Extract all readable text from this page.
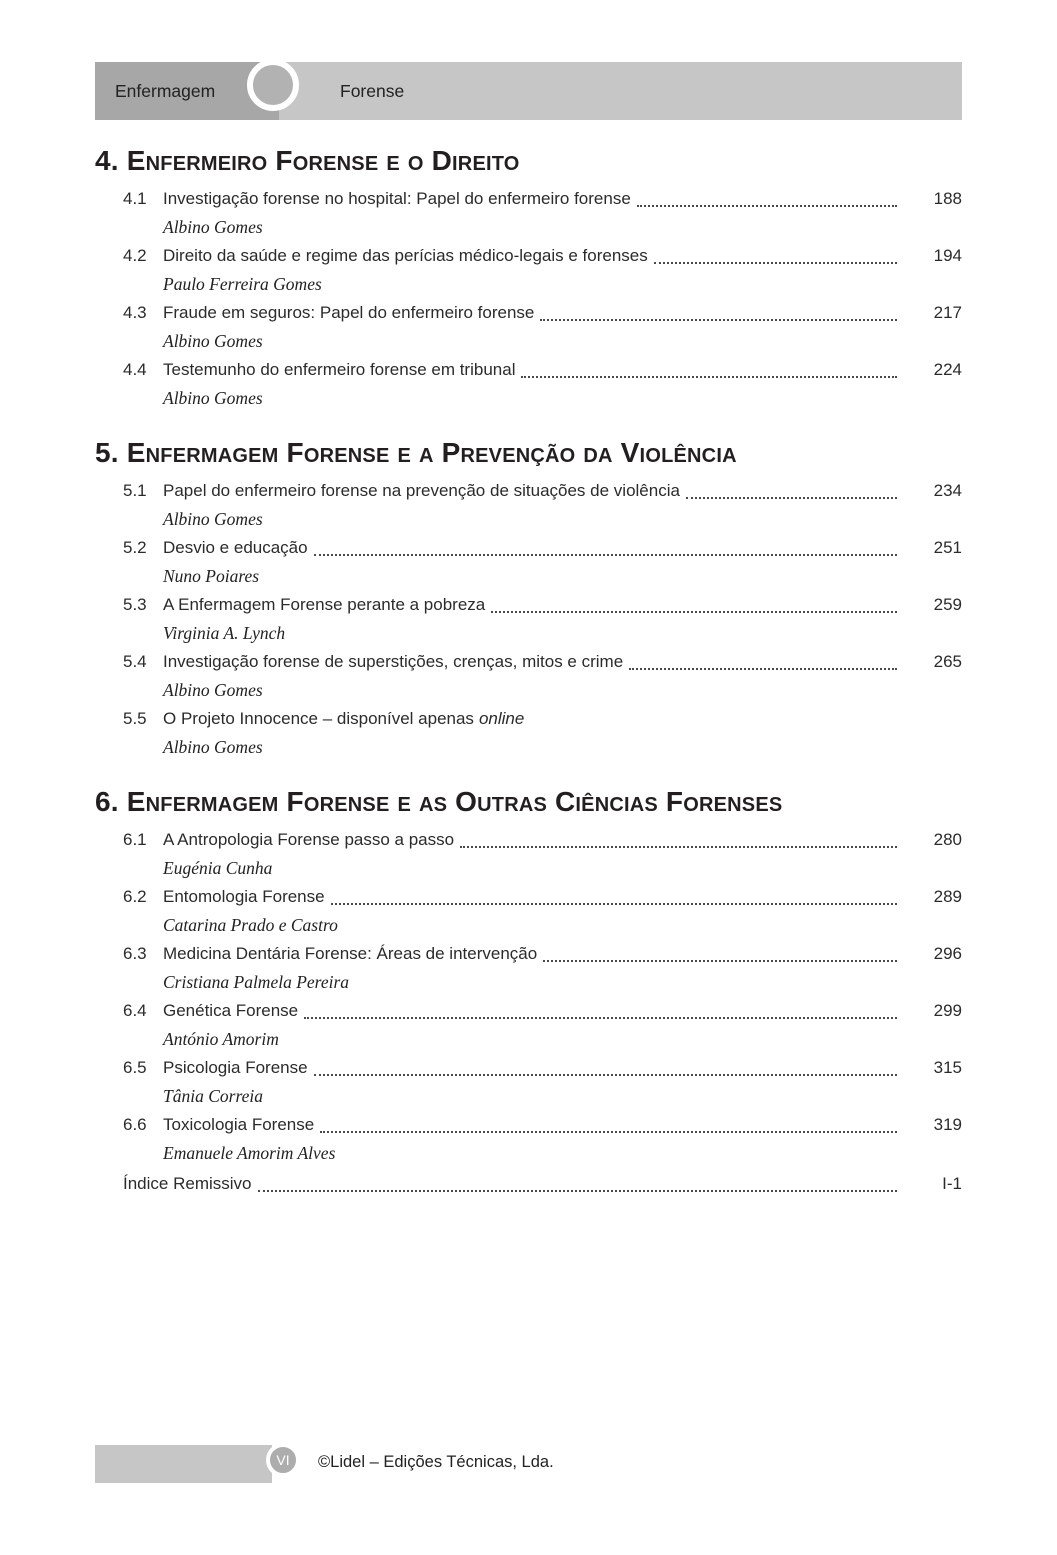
Enfermagem	Forense
4. Enfermeiro Forense e o Direito
4.1 Investigação forense no hospital: Papel do enfermeiro forense	188
Albino Gomes
4.2 Direito da saúde e regime das perícias médico-legais e forenses	194
Paulo Ferreira Gomes
4.3 Fraude em seguros: Papel do enfermeiro forense	217
Albino Gomes
4.4 Testemunho do enfermeiro forense em tribunal	224
Albino Gomes
5. Enfermagem Forense e a Prevenção da Violência
5.1 Papel do enfermeiro forense na prevenção de situações de violência	234
Albino Gomes
5.2 Desvio e educação	251
Nuno Poiares
5.3 A Enfermagem Forense perante a pobreza	259
Virginia A. Lynch
5.4 Investigação forense de superstições, crenças, mitos e crime	265
Albino Gomes
5.5 O Projeto Innocence – disponível apenas online
Albino Gomes
6. Enfermagem Forense e as Outras Ciências Forenses
6.1 A Antropologia Forense passo a passo	280
Eugénia Cunha
6.2 Entomologia Forense	289
Catarina Prado e Castro
6.3 Medicina Dentária Forense: Áreas de intervenção	296
Cristiana Palmela Pereira
6.4 Genética Forense	299
António Amorim
6.5 Psicologia Forense	315
Tânia Correia
6.6 Toxicologia Forense	319
Emanuele Amorim Alves
Índice Remissivo	I-1
VI ©Lidel – Edições Técnicas, Lda.
